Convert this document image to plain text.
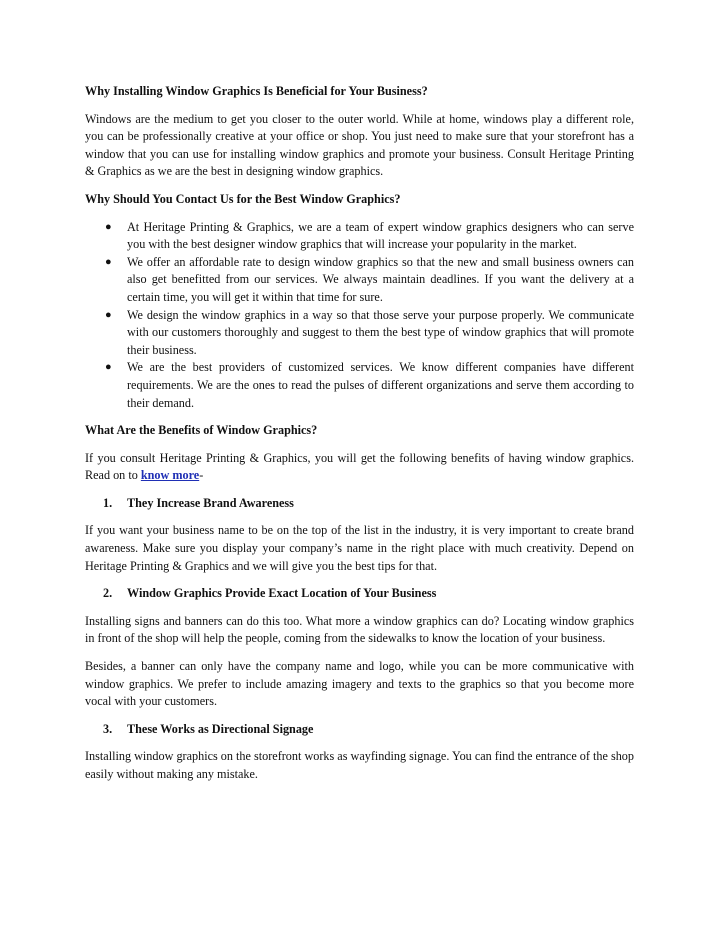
Why Installing Window Graphics Is Beneficial for Your Business?

Windows are the medium to get you closer to the outer world. While at home, windows play a different role, you can be professionally creative at your office or shop. You just need to make sure that your storefront has a window that you can use for installing window graphics and promote your business. Consult Heritage Printing & Graphics as we are the best in designing window graphics.

Why Should You Contact Us for the Best Window Graphics?
● At Heritage Printing & Graphics, we are a team of expert window graphics designers who can serve you with the best designer window graphics that will increase your popularity in the market.
● We offer an affordable rate to design window graphics so that the new and small business owners can also get benefitted from our services. We always maintain deadlines. If you want the delivery at a certain time, you will get it within that time for sure.
● We design the window graphics in a way so that those serve your purpose properly. We communicate with our customers thoroughly and suggest to them the best type of window graphics that will promote their business.
● We are the best providers of customized services. We know different companies have different requirements. We are the ones to read the pulses of different organizations and serve them according to their demand.
What Are the Benefits of Window Graphics?

If you consult Heritage Printing & Graphics, you will get the following benefits of having window graphics. Read on to know more-

1. They Increase Brand Awareness

If you want your business name to be on the top of the list in the industry, it is very important to create brand awareness. Make sure you display your company’s name in the right place with much creativity. Depend on Heritage Printing & Graphics and we will give you the best tips for that.

2. Window Graphics Provide Exact Location of Your Business

Installing signs and banners can do this too. What more a window graphics can do? Locating window graphics in front of the shop will help the people, coming from the sidewalks to know the location of your business.

Besides, a banner can only have the company name and logo, while you can be more communicative with window graphics. We prefer to include amazing imagery and texts to the graphics so that you become more vocal with your customers.

3. These Works as Directional Signage

Installing window graphics on the storefront works as wayfinding signage. You can find the entrance of the shop easily without making any mistake.
